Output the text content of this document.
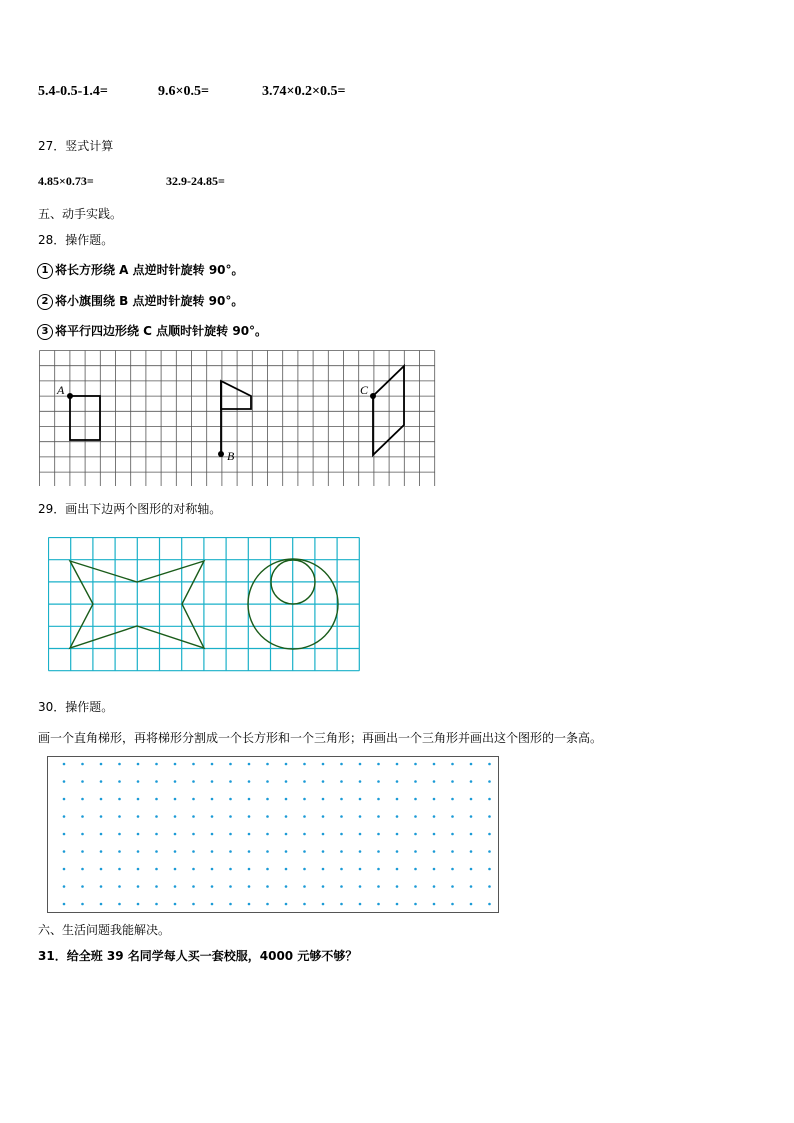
5.4-0.5-1.4=	9.6×0.5=	3.74×0.2×0.5=
27．竖式计算
4.85×0.73=	32.9-24.85=
五、动手实践。
28．操作题。
1 将长方形绕 A 点逆时针旋转 90°。
2 将小旗围绕 B 点逆时针旋转 90°。
3 将平行四边形绕 C 点顺时针旋转 90°。
A
B
C
29．画出下边两个图形的对称轴。
30．操作题。
画一个直角梯形，再将梯形分割成一个长方形和一个三角形；再画出一个三角形并画出这个图形的一条高。
六、生活问题我能解决。
31．给全班 39 名同学每人买一套校服，4000 元够不够？
